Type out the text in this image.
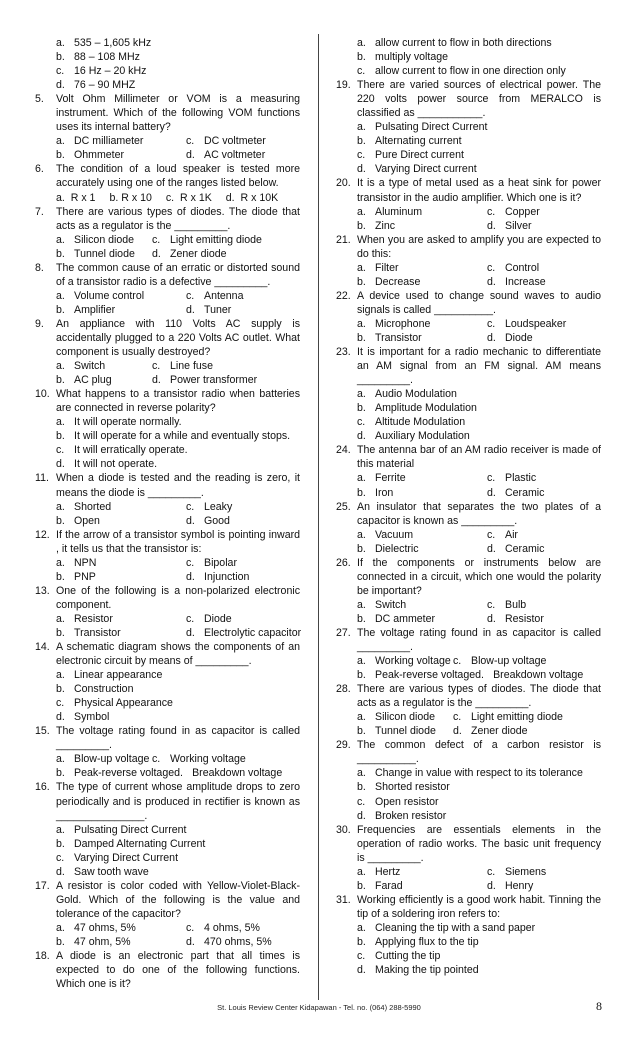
a. 535 – 1,605 kHz
b. 88 – 108 MHz
c. 16 Hz – 20 kHz
d. 76 – 90 MHZ
5.	Volt Ohm Millimeter or VOM is a measuring instrument. Which of the following VOM functions uses its internal battery?
a. DC milliameter	c. DC voltmeter
b. Ohmmeter	d. AC voltmeter
6.	The condition of a loud speaker is tested more accurately using one of the ranges listed below.
a.  R x 1 b. R x 10 c.  R x 1K d.  R x 10K
7.	There are various types of diodes. The diode that acts as a regulator is the _________.
a. Silicon diode c. Light emitting diode
b. Tunnel diode d. Zener diode
8.	The common cause of an erratic or distorted sound of a transistor radio is a defective _________.
a. Volume control	c. Antenna
b. Amplifier	d. Tuner
9.	An appliance with 110 Volts AC supply is accidentally plugged to a 220 Volts AC outlet. What component is usually destroyed?
a. Switch	c. Line fuse
b. AC plug	d. Power transformer
10. What happens to a transistor radio when batteries are connected in reverse polarity?
a. It will operate normally.
b. It will operate for a while and eventually stops.
c. It will erratically operate.
d. It will not operate.
11. When a diode is tested and the reading is zero, it means the diode is _________.
a. Shorted	c. Leaky
b. Open	d. Good
12. If the arrow of a transistor symbol is pointing inward , it tells us that the transistor is:
a. NPN	c. Bipolar
b. PNP	d. Injunction
13. One of the following is a non-polarized electronic component.
a. Resistor	c. Diode
b. Transistor	d. Electrolytic capacitor
14. A schematic diagram shows the components of an electronic circuit by means of _________.
a. Linear appearance
b. Construction
c. Physical Appearance
d. Symbol
15. The voltage rating found in as capacitor is called _________.
a. Blow-up voltage c. Working voltage
b. Peak-reverse voltage d. Breakdown voltage
16. The type of current whose amplitude drops to zero periodically and is produced in rectifier is known as _______________.
a. Pulsating Direct Current
b. Damped Alternating Current
c. Varying Direct Current
d. Saw tooth wave
17. A resistor is color coded with Yellow-Violet-Black-Gold. Which of the following is the value and tolerance of the capacitor?
a. 47 ohms, 5%	c. 4 ohms, 5%
b. 47 ohm, 5%	d. 470 ohms, 5%
18. A diode is an electronic part that all times is expected to do one of the following functions. Which one is it?
a. allow current to flow in both directions
b. multiply voltage
c. allow current to flow in one direction only
19. There are varied sources of electrical power. The 220 volts power source from MERALCO is classified as ___________.
a. Pulsating Direct Current
b. Alternating current
c. Pure Direct current
d. Varying Direct current
20. It is a type of metal used as a heat sink for power transistor in the audio amplifier. Which one is it?
a. Aluminum	c. Copper
b. Zinc	d. Silver
21. When you are asked to amplify you are expected to do this:
a. Filter	c. Control
b. Decrease	d. Increase
22. A device used to change sound waves to audio signals is called __________.
a. Microphone	c. Loudspeaker
b. Transistor	d. Diode
23. It is important for a radio mechanic to differentiate an AM signal from an FM signal. AM means _________.
a. Audio Modulation
b. Amplitude Modulation
c. Altitude Modulation
d. Auxiliary Modulation
24. The antenna bar of an AM radio receiver is made of this material
a. Ferrite	c. Plastic
b. Iron	d. Ceramic
25. An insulator that separates the two plates of a capacitor is known as _________.
a. Vacuum	c. Air
b. Dielectric	d. Ceramic
26. If the components or instruments below are connected in a circuit, which one would the polarity be important?
a. Switch	c. Bulb
b. DC ammeter	d. Resistor
27. The voltage rating found in as capacitor is called _________.
a. Working voltage c. Blow-up voltage
b. Peak-reverse voltage d. Breakdown voltage
28. There are various types of diodes. The diode that acts as a regulator is the _________.
a. Silicon diode c. Light emitting diode
b. Tunnel diode d. Zener diode
29. The common defect of a carbon resistor is __________.
a. Change in value with respect to its tolerance
b. Shorted resistor
c. Open resistor
d. Broken resistor
30. Frequencies are essentials elements in the operation of radio works. The basic unit frequency is _________.
a. Hertz	c. Siemens
b. Farad	d. Henry
31. Working efficiently is a good work habit. Tinning the tip of a soldering iron refers to:
a. Cleaning the tip with a sand paper
b. Applying flux to the tip
c. Cutting the tip
d. Making the tip pointed
St. Louis Review Center Kidapawan - Tel. no. (064) 288-5990	8
